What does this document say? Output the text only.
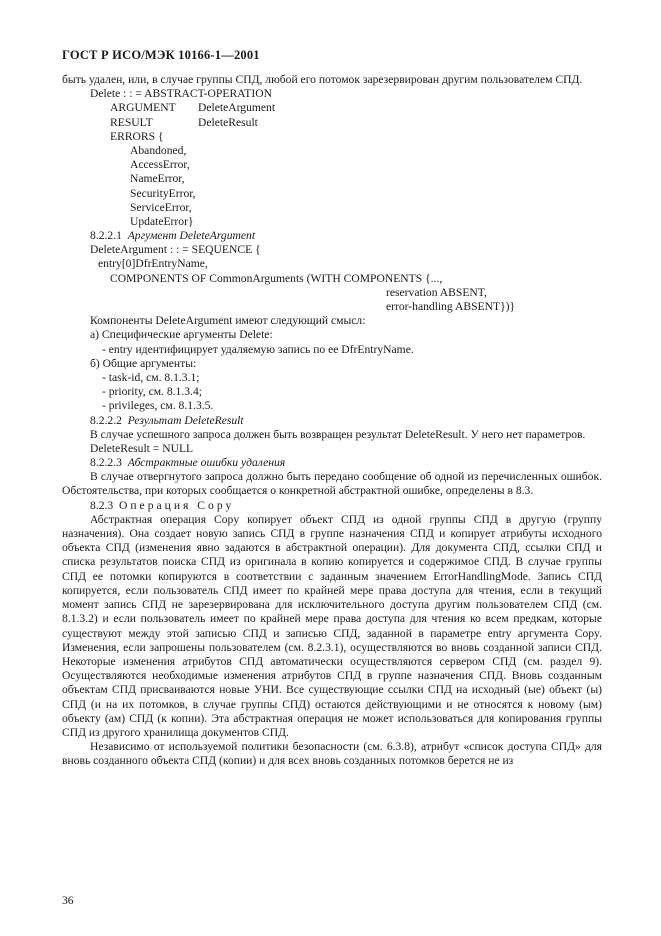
ГОСТ Р ИСО/МЭК 10166-1—2001
быть удален, или, в случае группы СПД, любой его потомок зарезервирован другим пользователем СПД.
Delete : : = ABSTRACT-OPERATION
ARGUMENT DeleteArgument
RESULT	DeleteResult
ERRORS {
Abandoned,
AccessError,
NameError,
SecurityError,
ServiceError,
UpdateError}
8.2.2.1 Аргумент DeleteArgument
DeleteArgument : : = SEQUENCE {
entry[0]DfrEntryName,
COMPONENTS OF CommonArguments (WITH COMPONENTS {...,
reservation ABSENT,
error-handling ABSENT})}
Компоненты DeleteArgument имеют следующий смысл:
а) Специфические аргументы Delete:
- entry идентифицирует удаляемую запись по ее DfrEntryName.
б) Общие аргументы:
- task-id, см. 8.1.3.1;
- priority, см. 8.1.3.4;
- privileges, см. 8.1.3.5.
8.2.2.2 Результат DeleteResult
В случае успешного запроса должен быть возвращен результат DeleteResult. У него нет параметров.
DeleteResult = NULL
8.2.2.3 Абстрактные ошибки удаления
В случае отвергнутого запроса должно быть передано сообщение об одной из перечисленных ошибок. Обстоятельства, при которых сообщается о конкретной абстрактной ошибке, определены в 8.3.
8.2.3 Операция Сору
Абстрактная операция Copy копирует объект СПД из одной группы СПД в другую (группу назначения). Она создает новую запись СПД в группе назначения СПД и копирует атрибуты исходного объекта СПД (изменения явно задаются в абстрактной операции). Для документа СПД, ссылки СПД и списка результатов поиска СПД из оригинала в копию копируется и содержимое СПД. В случае группы СПД ее потомки копируются в соответствии с заданным значением ErrorHandlingMode. Запись СПД копируется, если пользователь СПД имеет по крайней мере права доступа для чтения, если в текущий момент запись СПД не зарезервирована для исключительного доступа другим пользователем СПД (см. 8.1.3.2) и если пользователь имеет по крайней мере права доступа для чтения ко всем предкам, которые существуют между этой записью СПД и записью СПД, заданной в параметре entry аргумента Copy. Изменения, если запрошены пользователем (см. 8.2.3.1), осуществляются во вновь созданной записи СПД. Некоторые изменения атрибутов СПД автоматически осуществляются сервером СПД (см. раздел 9). Осуществляются необходимые изменения атрибутов СПД в группе назначения СПД. Вновь созданным объектам СПД присваиваются новые УНИ. Все существующие ссылки СПД на исходный (ые) объект (ы) СПД (и на их потомков, в случае группы СПД) остаются действующими и не относятся к новому (ым) объекту (ам) СПД (к копии). Эта абстрактная операция не может использоваться для копирования группы СПД из другого хранилища документов СПД.
Независимо от используемой политики безопасности (см. 6.3.8), атрибут «список доступа СПД» для вновь созданного объекта СПД (копии) и для всех вновь созданных потомков берется не из
36
